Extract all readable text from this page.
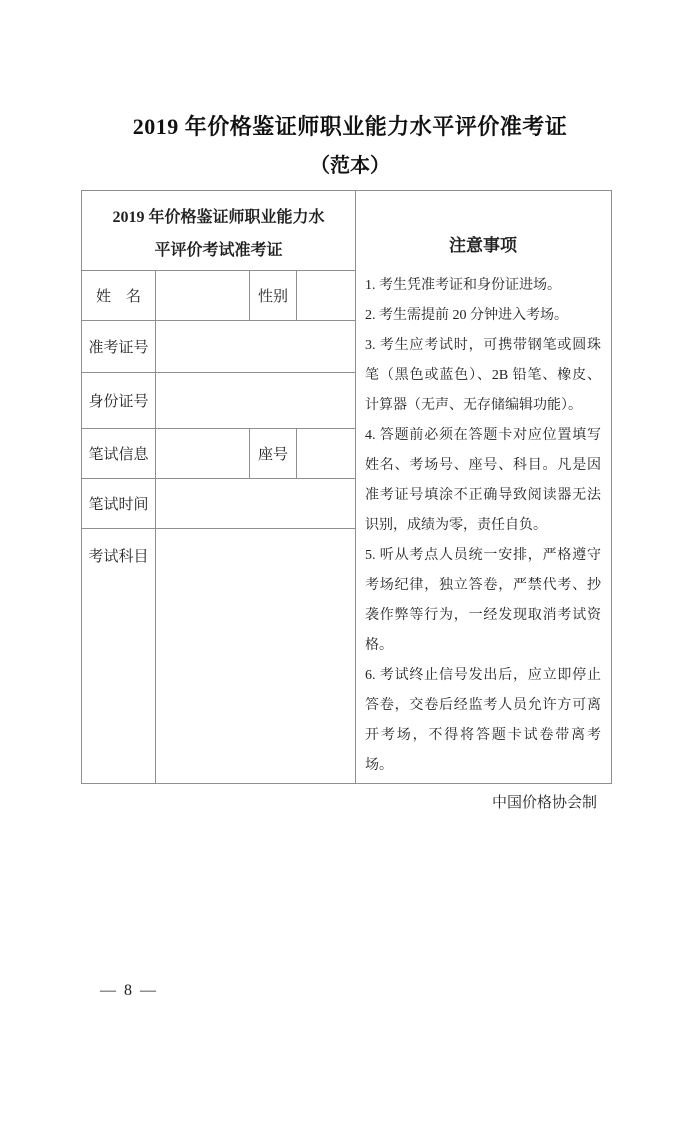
2019 年价格鉴证师职业能力水平评价准考证
（范本）
2019 年价格鉴证师职业能力水
平评价考试准考证
姓　名	性别
准考证号
身份证号
笔试信息	座号
笔试时间
考试科目
注意事项

1. 考生凭准考证和身份证进场。

2. 考生需提前 20 分钟进入考场。

3. 考生应考试时，可携带钢笔或圆珠笔（黑色或蓝色）、2B 铅笔、橡皮、计算器（无声、无存储编辑功能）。

4. 答题前必须在答题卡对应位置填写姓名、考场号、座号、科目。凡是因准考证号填涂不正确导致阅读器无法识别，成绩为零，责任自负。

5. 听从考点人员统一安排，严格遵守考场纪律，独立答卷，严禁代考、抄袭作弊等行为，一经发现取消考试资格。

6. 考试终止信号发出后，应立即停止答卷，交卷后经监考人员允许方可离开考场，不得将答题卡试卷带离考场。

中国价格协会制
— 8 —
